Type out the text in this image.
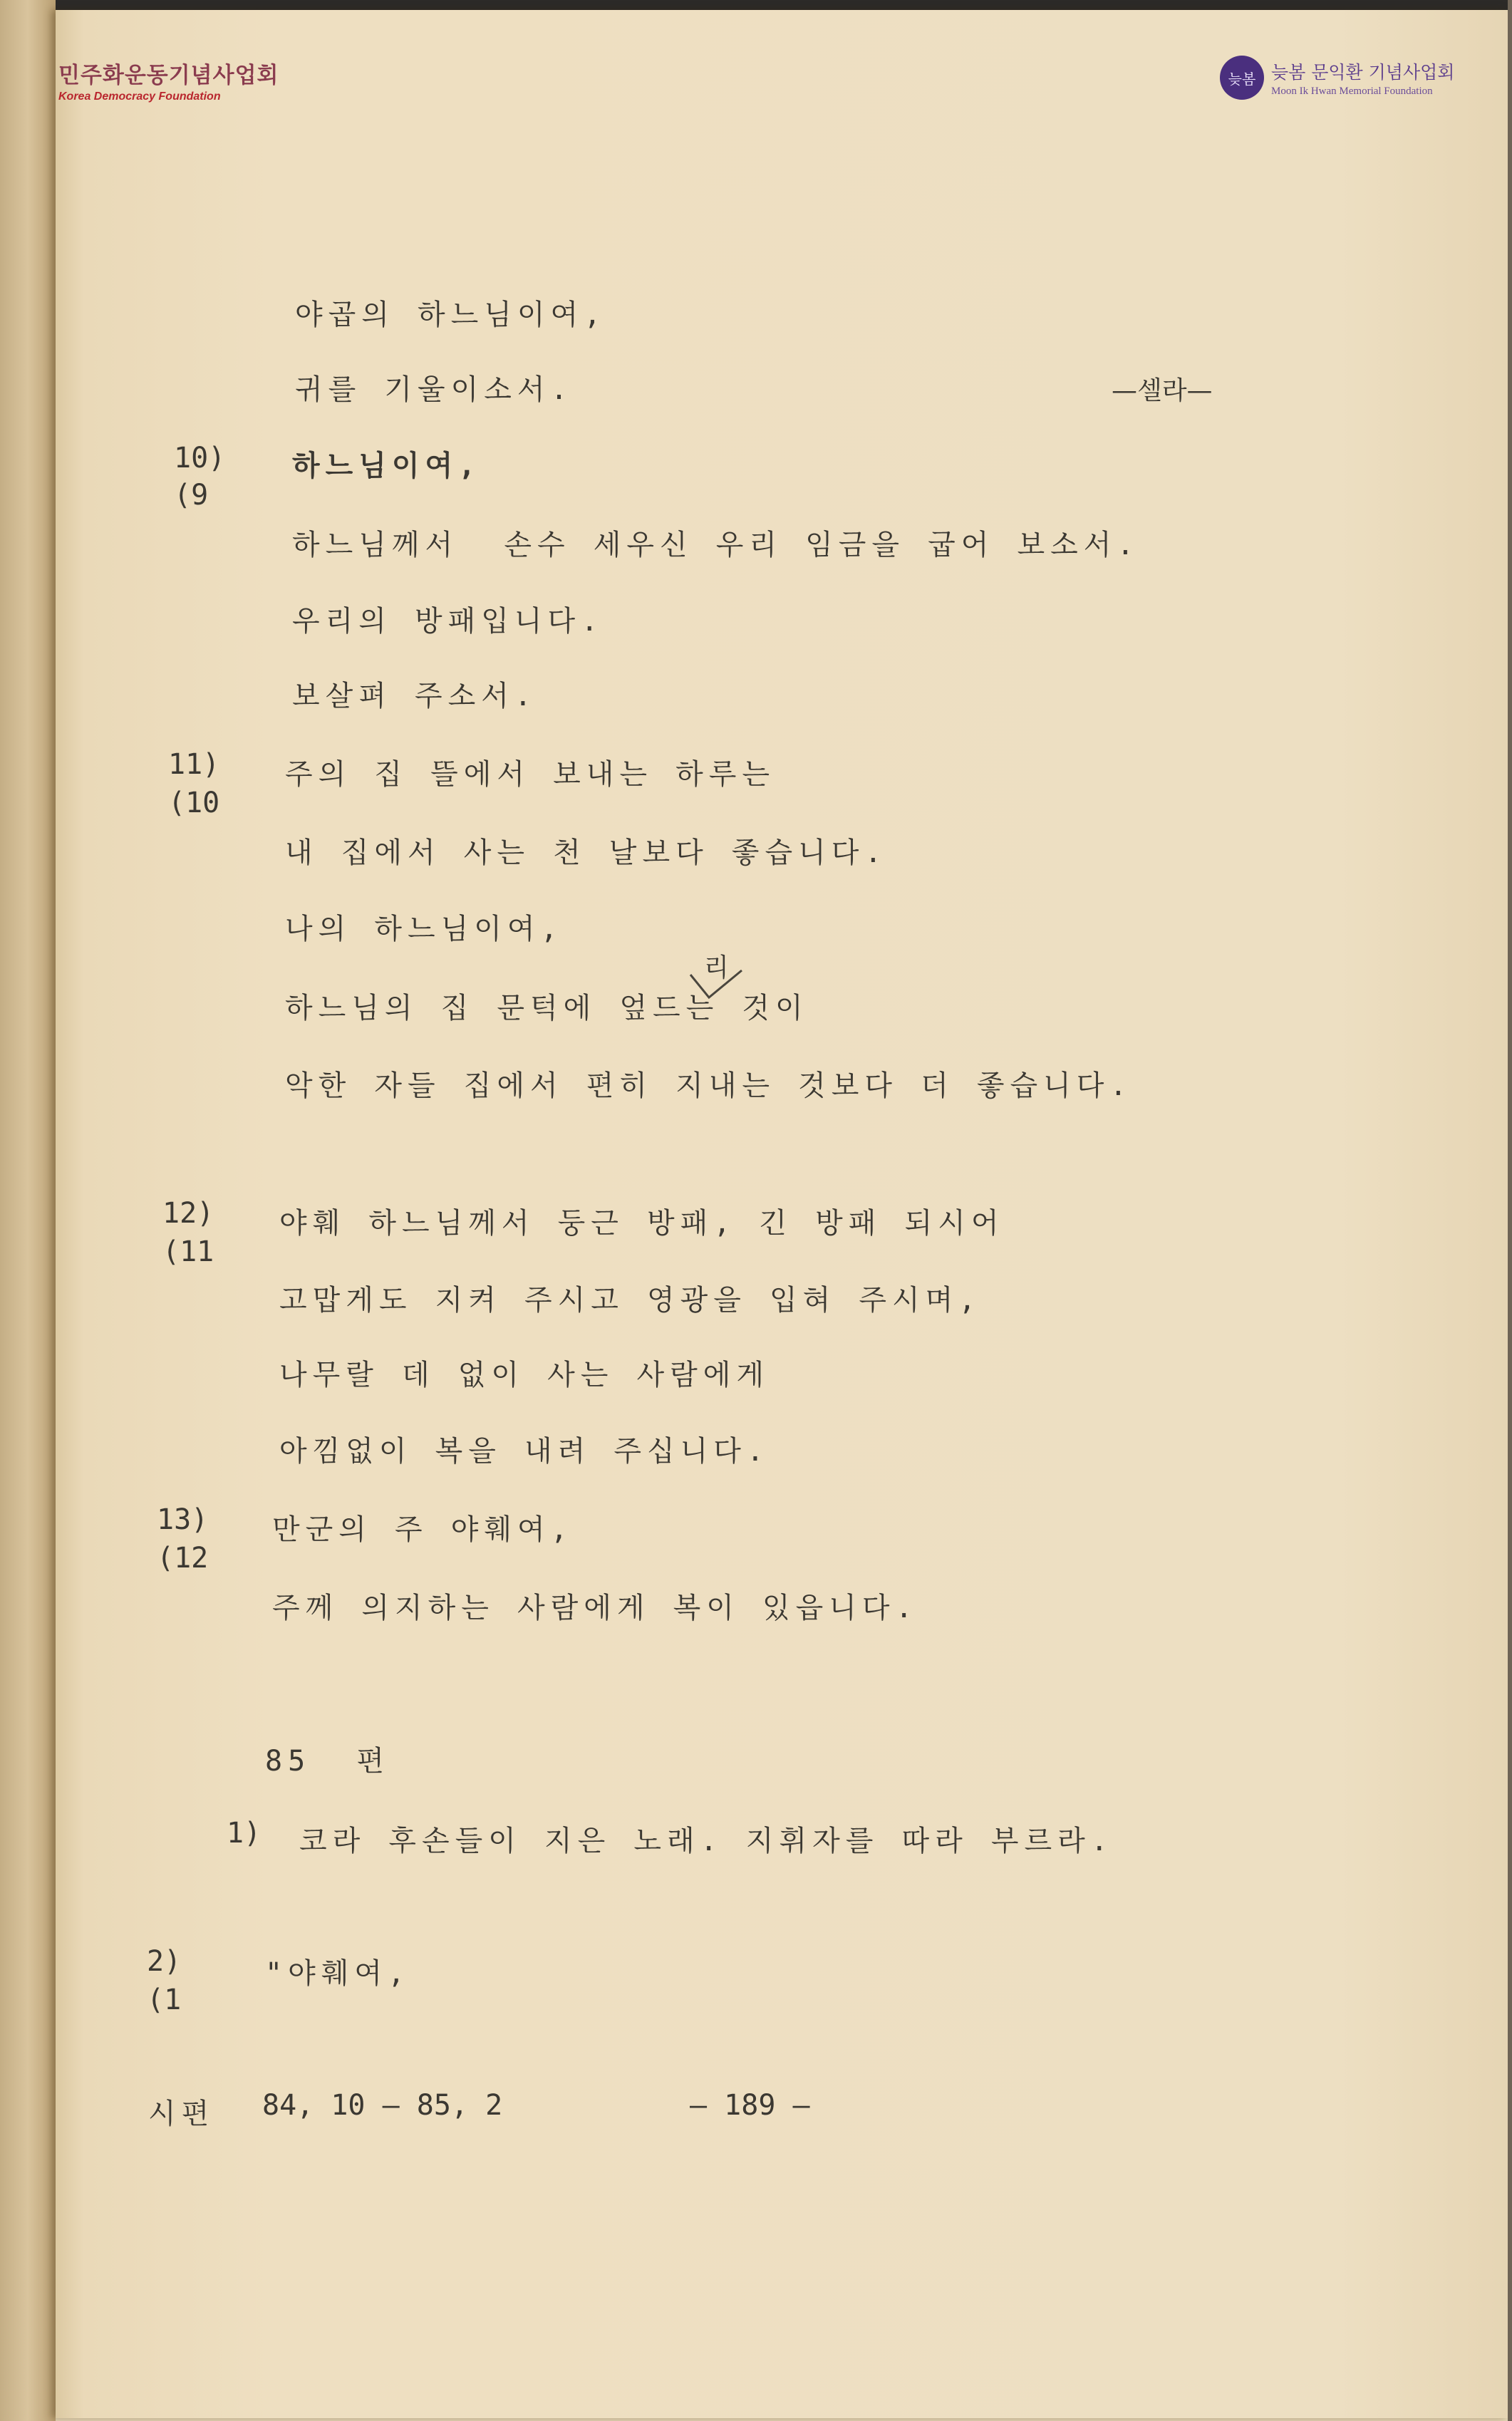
민주화운동기념사업회
Korea Democracy Foundation
늦봄 늦봄 문익환 기념사업회
Moon Ik Hwan Memorial Foundation
야곱의 하느님이여,
귀를 기울이소서.	—셀라—
10)
(9
하느님이여,
하느님께서  손수 세우신 우리 임금을 굽어 보소서.
우리의 방패입니다.
보살펴 주소서.
11)
(10
주의 집 뜰에서 보내는 하루는
내 집에서 사는 천 날보다 좋습니다.
나의 하느님이여,
리
하느님의 집 문턱에 엎드는 것이
악한 자들 집에서 편히 지내는 것보다 더 좋습니다.
12)
(11
야훼 하느님께서 둥근 방패, 긴 방패 되시어
고맙게도 지켜 주시고 영광을 입혀 주시며,
나무랄 데 없이 사는 사람에게
아낌없이 복을 내려 주십니다.
13)
(12
만군의 주 야훼여,
주께 의지하는 사람에게 복이 있읍니다.
85  편
1) 코라 후손들이 지은 노래. 지휘자를 따라 부르라.
2)
(1
"야훼여,
시편 84, 10 — 85, 2	— 189 —
